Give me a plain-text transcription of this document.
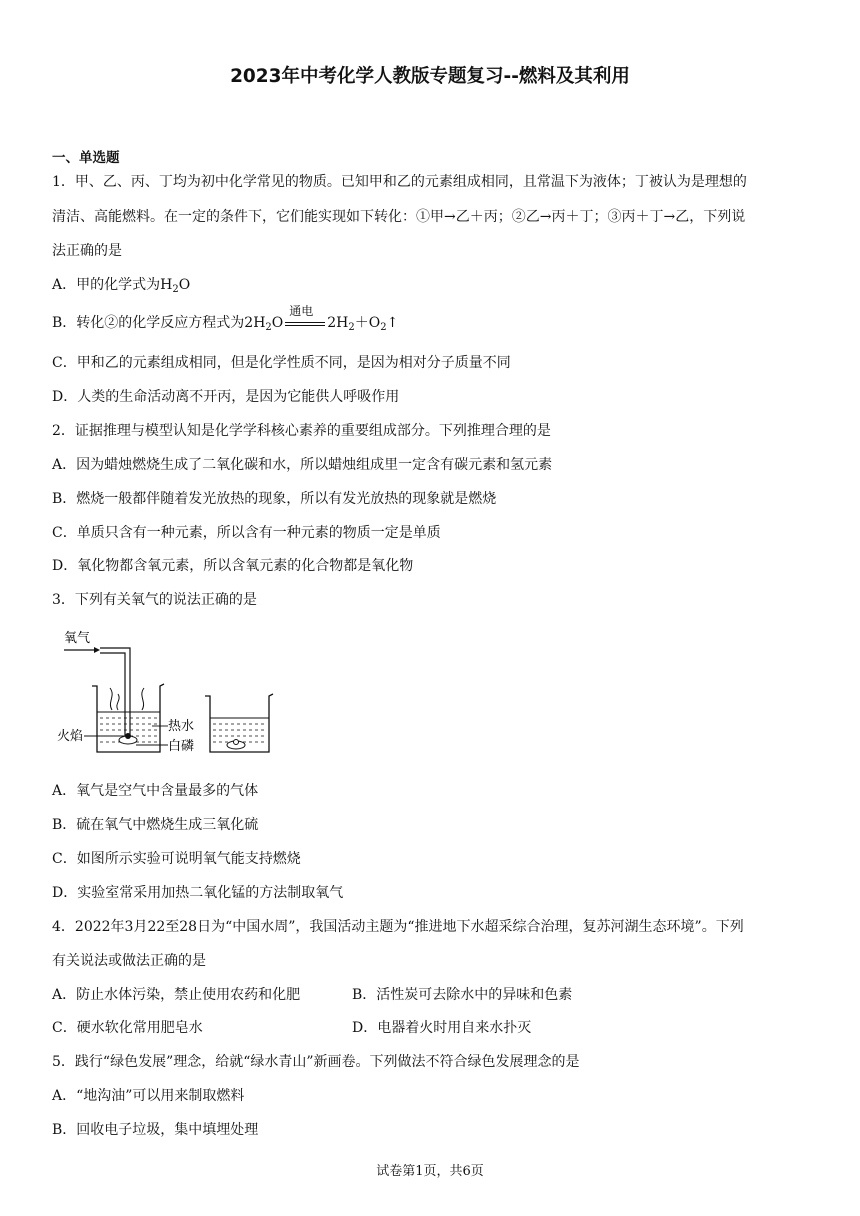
2023年中考化学人教版专题复习--燃料及其利用
一、单选题
1．甲、乙、丙、丁均为初中化学常见的物质。已知甲和乙的元素组成相同，且常温下为液体；丁被认为是理想的
清洁、高能燃料。在一定的条件下，它们能实现如下转化：①甲→乙＋丙；②乙→丙＋丁；③丙＋丁→乙，下列说
法正确的是
A．甲的化学式为$H_2O$
B．转化②的化学反应方程式为$2H_2O$
通电
$2H_2+O_2↑$
C．甲和乙的元素组成相同，但是化学性质不同，是因为相对分子质量不同
D．人类的生命活动离不开丙，是因为它能供人呼吸作用
2．证据推理与模型认知是化学学科核心素养的重要组成部分。下列推理合理的是
A．因为蜡烛燃烧生成了二氧化碳和水，所以蜡烛组成里一定含有碳元素和氢元素
B．燃烧一般都伴随着发光放热的现象，所以有发光放热的现象就是燃烧
C．单质只含有一种元素，所以含有一种元素的物质一定是单质
D．氧化物都含氧元素，所以含氧元素的化合物都是氧化物
3．下列有关氧气的说法正确的是
氧气
火焰
热水
白磷
A．氧气是空气中含量最多的气体
B．硫在氧气中燃烧生成三氧化硫
C．如图所示实验可说明氧气能支持燃烧
D．实验室常采用加热二氧化锰的方法制取氧气
4．2022年3月22至28日为“中国水周”，我国活动主题为“推进地下水超采综合治理，复苏河湖生态环境”。下列
有关说法或做法正确的是
A．防止水体污染，禁止使用农药和化肥	B．活性炭可去除水中的异味和色素
C．硬水软化常用肥皂水	D．电器着火时用自来水扑灭
5．践行“绿色发展”理念，给就“绿水青山”新画卷。下列做法不符合绿色发展理念的是
A．“地沟油”可以用来制取燃料
B．回收电子垃圾，集中填埋处理
试卷第1页，共6页
